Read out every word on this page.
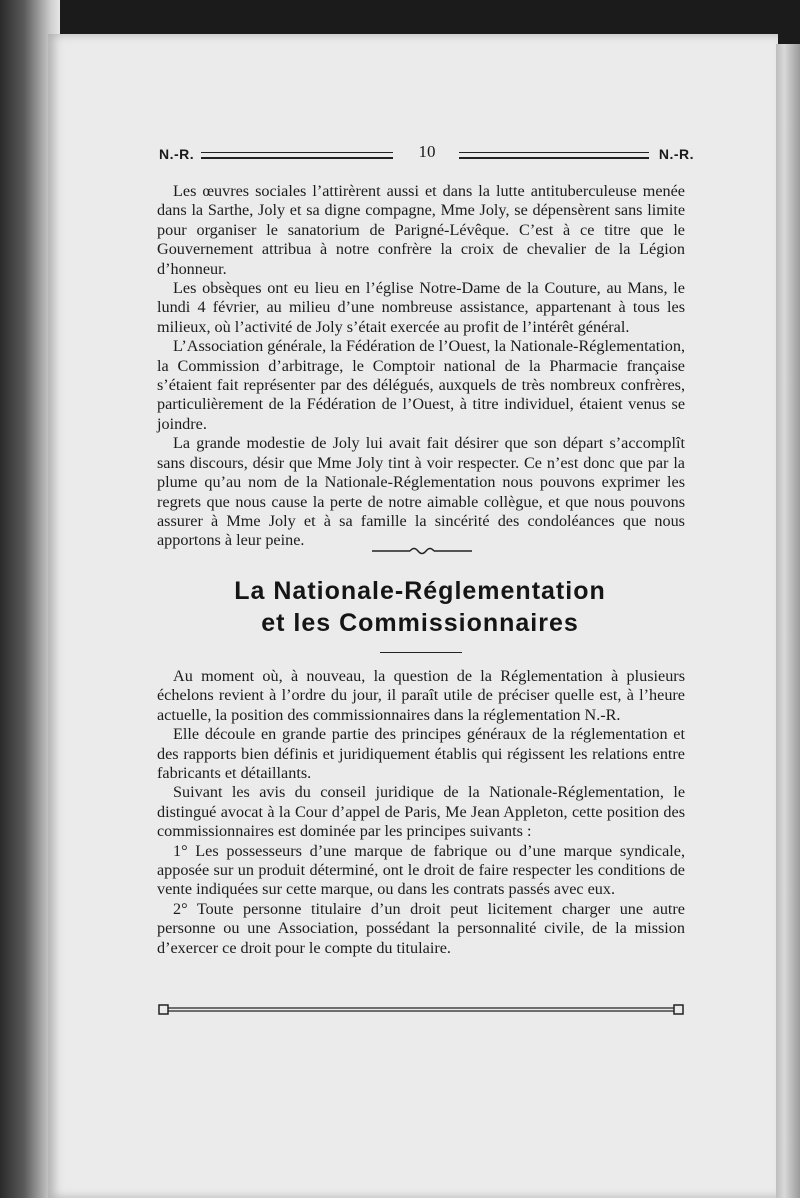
N.-R.	10	N.-R.

Les œuvres sociales l’attirèrent aussi et dans la lutte antituberculeuse menée dans la Sarthe, Joly et sa digne compagne, Mme Joly, se dépensèrent sans limite pour organiser le sanatorium de Parigné-Lévêque. C’est à ce titre que le Gouvernement attribua à notre confrère la croix de chevalier de la Légion d’honneur.

Les obsèques ont eu lieu en l’église Notre-Dame de la Couture, au Mans, le lundi 4 février, au milieu d’une nombreuse assistance, appartenant à tous les milieux, où l’activité de Joly s’était exercée au profit de l’intérêt général.

L’Association générale, la Fédération de l’Ouest, la Nationale-Réglementation, la Commission d’arbitrage, le Comptoir national de la Pharmacie française s’étaient fait représenter par des délégués, auxquels de très nombreux confrères, particulièrement de la Fédération de l’Ouest, à titre individuel, étaient venus se joindre.

La grande modestie de Joly lui avait fait désirer que son départ s’accomplît sans discours, désir que Mme Joly tint à voir respecter. Ce n’est donc que par la plume qu’au nom de la Nationale-Réglementation nous pouvons exprimer les regrets que nous cause la perte de notre aimable collègue, et que nous pouvons assurer à Mme Joly et à sa famille la sincérité des condoléances que nous apportons à leur peine.

La Nationale-Réglementation
et les Commissionnaires

Au moment où, à nouveau, la question de la Réglementation à plusieurs échelons revient à l’ordre du jour, il paraît utile de préciser quelle est, à l’heure actuelle, la position des commissionnaires dans la réglementation N.-R.

Elle découle en grande partie des principes généraux de la réglementation et des rapports bien définis et juridiquement établis qui régissent les relations entre fabricants et détaillants.

Suivant les avis du conseil juridique de la Nationale-Réglementation, le distingué avocat à la Cour d’appel de Paris, Me Jean Appleton, cette position des commissionnaires est dominée par les principes suivants :

1° Les possesseurs d’une marque de fabrique ou d’une marque syndicale, apposée sur un produit déterminé, ont le droit de faire respecter les conditions de vente indiquées sur cette marque, ou dans les contrats passés avec eux.

2° Toute personne titulaire d’un droit peut licitement charger une autre personne ou une Association, possédant la personnalité civile, de la mission d’exercer ce droit pour le compte du titulaire.
